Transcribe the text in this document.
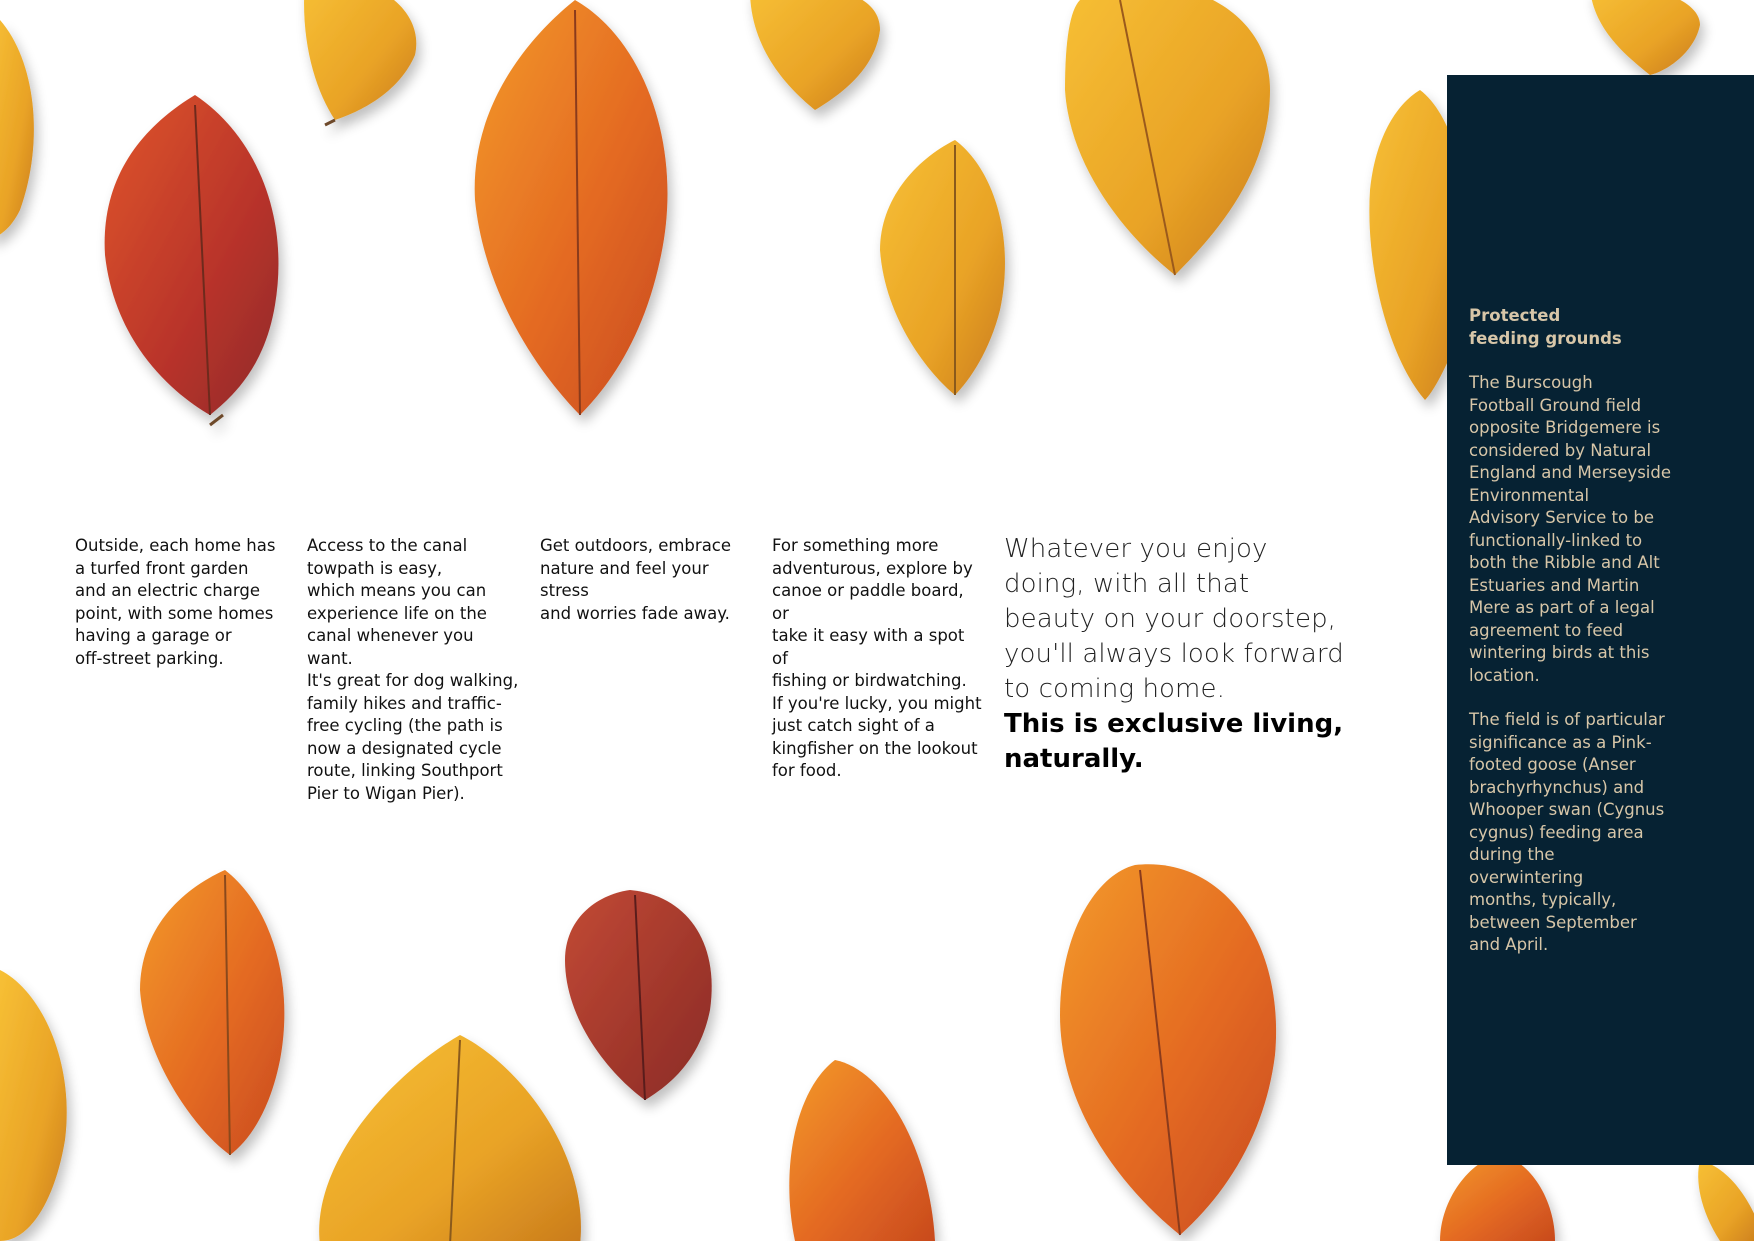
Outside, each home has
a turfed front garden
and an electric charge
point, with some homes
having a garage or
off-street parking.

Access to the canal
towpath is easy,
which means you can
experience life on the
canal whenever you want.
It's great for dog walking,
family hikes and traffic-
free cycling (the path is
now a designated cycle
route, linking Southport
Pier to Wigan Pier).

Get outdoors, embrace
nature and feel your stress
and worries fade away.

For something more
adventurous, explore by
canoe or paddle board, or
take it easy with a spot of
fishing or birdwatching.
If you're lucky, you might
just catch sight of a
kingfisher on the lookout
for food.

Whatever you enjoy doing, with all that beauty on your doorstep, you'll always look forward to coming home.
This is exclusive living, naturally.
Protected
feeding grounds

The Burscough
Football Ground field
opposite Bridgemere is
considered by Natural
England and Merseyside
Environmental
Advisory Service to be
functionally-linked to
both the Ribble and Alt
Estuaries and Martin
Mere as part of a legal
agreement to feed
wintering birds at this
location.

The field is of particular
significance as a Pink-
footed goose (Anser
brachyrhynchus) and
Whooper swan (Cygnus
cygnus) feeding area
during the overwintering
months, typically,
between September
and April.
